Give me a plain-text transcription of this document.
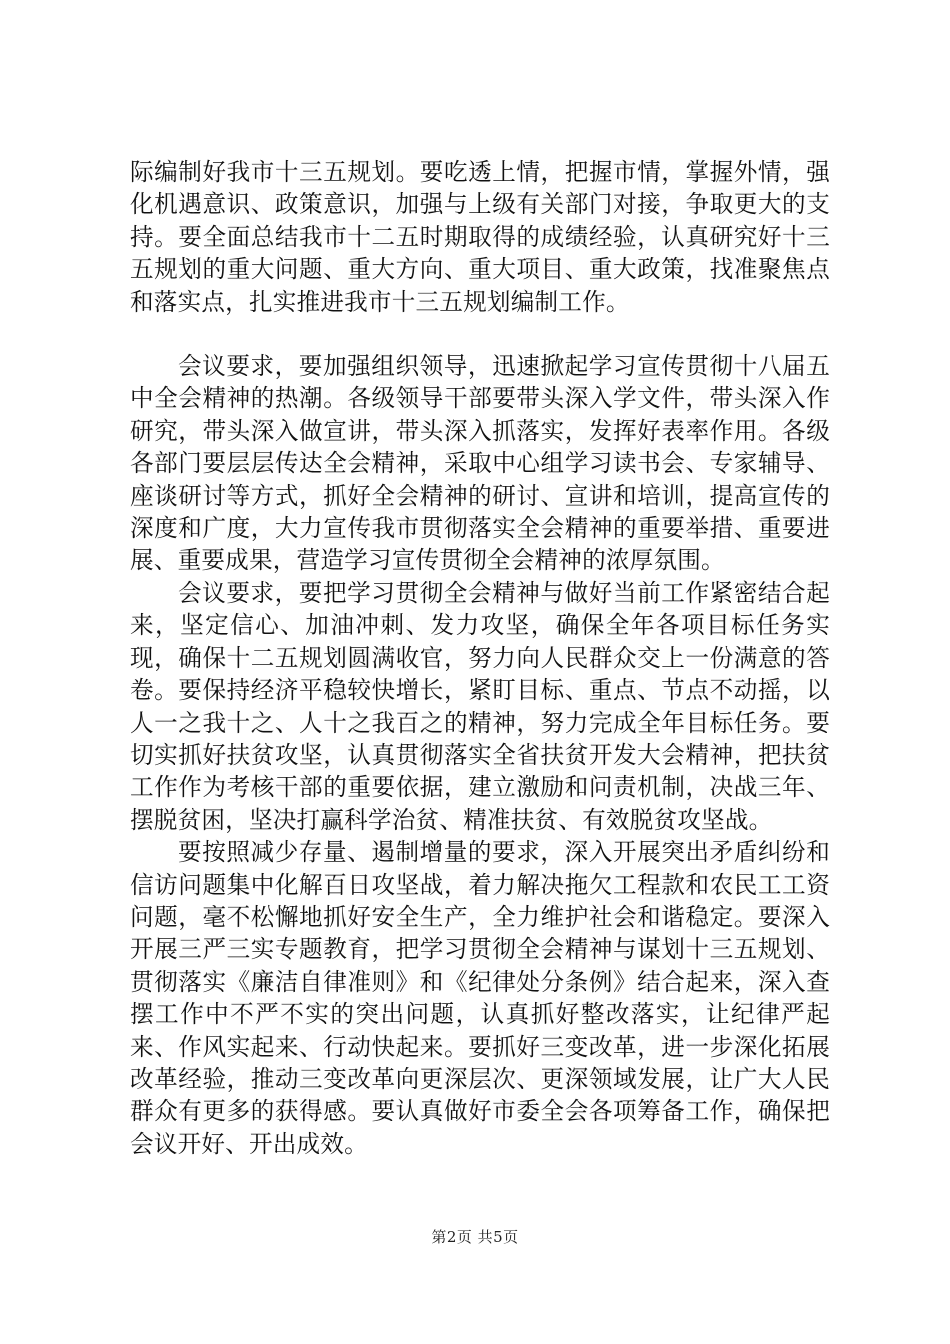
际编制好我市十三五规划。要吃透上情，把握市情，掌握外情，强化机遇意识、政策意识，加强与上级有关部门对接，争取更大的支持。要全面总结我市十二五时期取得的成绩经验，认真研究好十三五规划的重大问题、重大方向、重大项目、重大政策，找准聚焦点和落实点，扎实推进我市十三五规划编制工作。

会议要求，要加强组织领导，迅速掀起学习宣传贯彻十八届五中全会精神的热潮。各级领导干部要带头深入学文件，带头深入作研究，带头深入做宣讲，带头深入抓落实，发挥好表率作用。各级各部门要层层传达全会精神，采取中心组学习读书会、专家辅导、座谈研讨等方式，抓好全会精神的研讨、宣讲和培训，提高宣传的深度和广度，大力宣传我市贯彻落实全会精神的重要举措、重要进展、重要成果，营造学习宣传贯彻全会精神的浓厚氛围。

会议要求，要把学习贯彻全会精神与做好当前工作紧密结合起来，坚定信心、加油冲刺、发力攻坚，确保全年各项目标任务实现，确保十二五规划圆满收官，努力向人民群众交上一份满意的答卷。要保持经济平稳较快增长，紧盯目标、重点、节点不动摇，以人一之我十之、人十之我百之的精神，努力完成全年目标任务。要切实抓好扶贫攻坚，认真贯彻落实全省扶贫开发大会精神，把扶贫工作作为考核干部的重要依据，建立激励和问责机制，决战三年、摆脱贫困，坚决打赢科学治贫、精准扶贫、有效脱贫攻坚战。

要按照减少存量、遏制增量的要求，深入开展突出矛盾纠纷和信访问题集中化解百日攻坚战，着力解决拖欠工程款和农民工工资问题，毫不松懈地抓好安全生产，全力维护社会和谐稳定。要深入开展三严三实专题教育，把学习贯彻全会精神与谋划十三五规划、贯彻落实《廉洁自律准则》和《纪律处分条例》结合起来，深入查摆工作中不严不实的突出问题，认真抓好整改落实，让纪律严起来、作风实起来、行动快起来。要抓好三变改革，进一步深化拓展改革经验，推动三变改革向更深层次、更深领域发展，让广大人民群众有更多的获得感。要认真做好市委全会各项筹备工作，确保把会议开好、开出成效。

第2页 共5页
